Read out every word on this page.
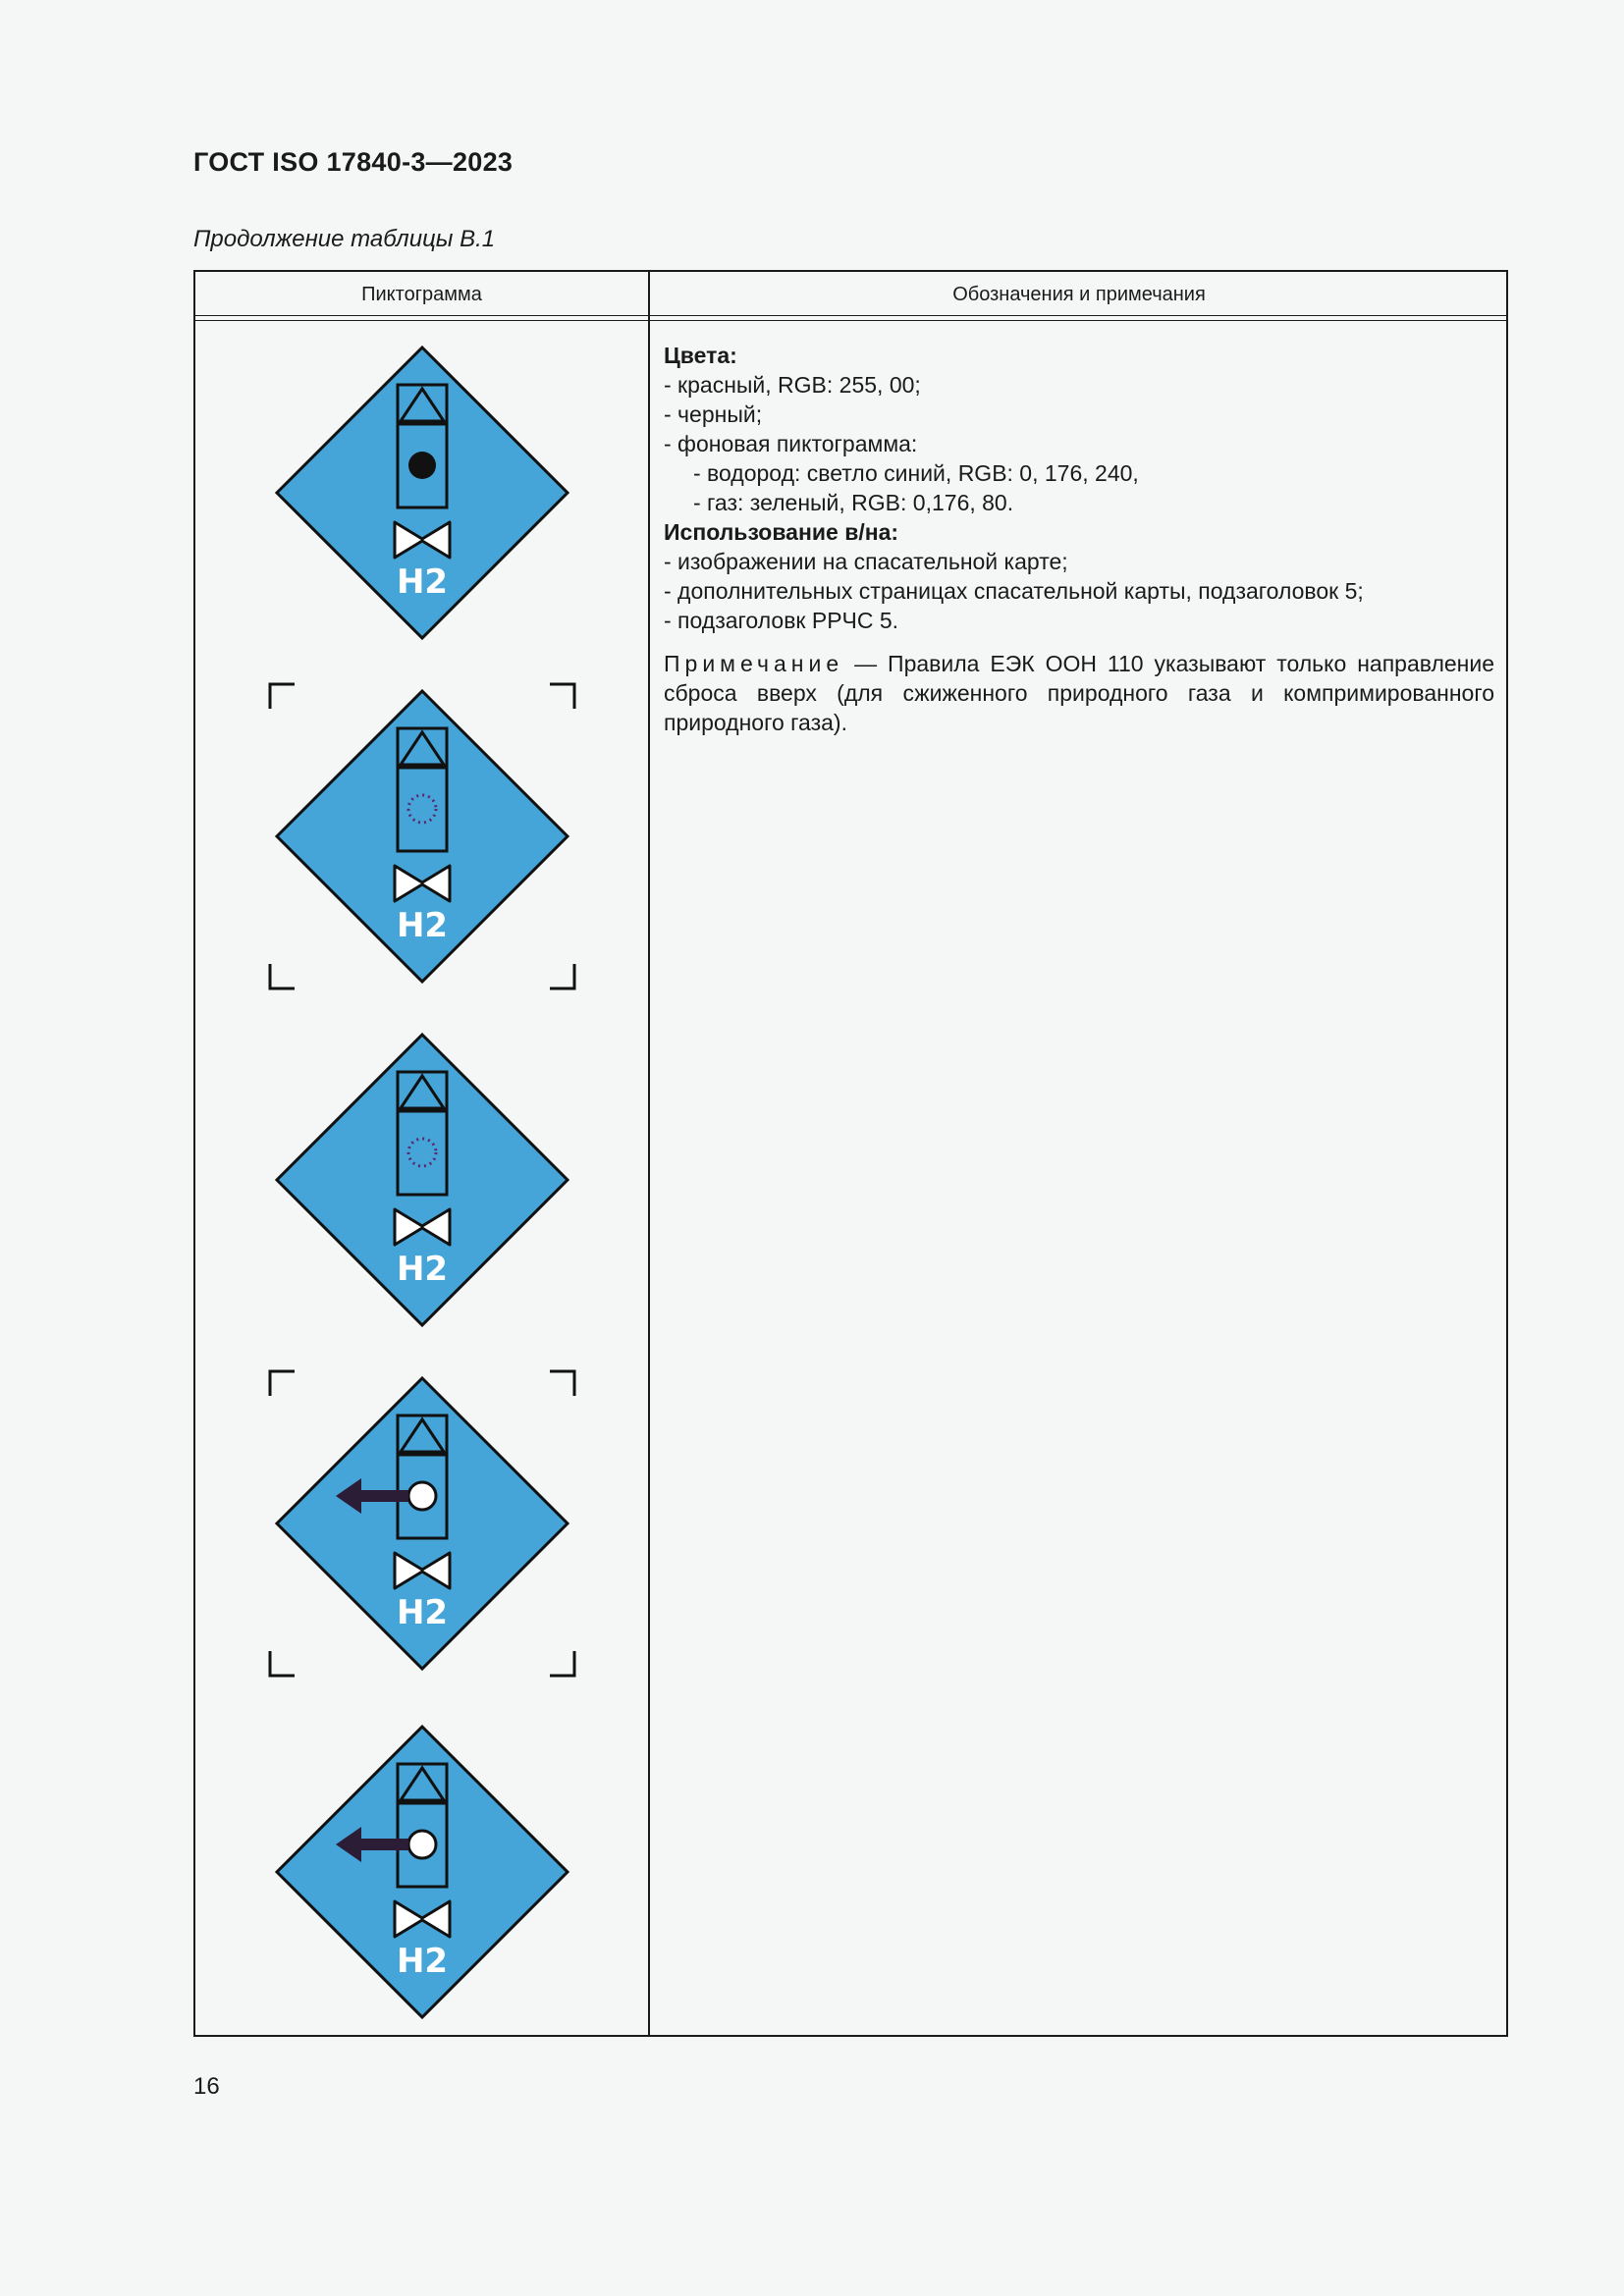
ГОСТ ISO 17840-3—2023
Продолжение таблицы В.1
Пиктограмма	Обозначения и примечания
H2
H2
H2
H2
H2
Цвета:
- красный, RGB: 255, 00;
- черный;
- фоновая пиктограмма:
- водород: светло синий, RGB: 0, 176, 240,
- газ: зеленый, RGB: 0,176, 80.
Использование в/на:
- изображении на спасательной карте;
- дополнительных страницах спасательной карты, подзаголовок 5;
- подзаголовк РРЧС 5.
Примечание — Правила ЕЭК ООН 110 указывают только направление сброса вверх (для сжиженного природного газа и компримированного природного газа).
16
